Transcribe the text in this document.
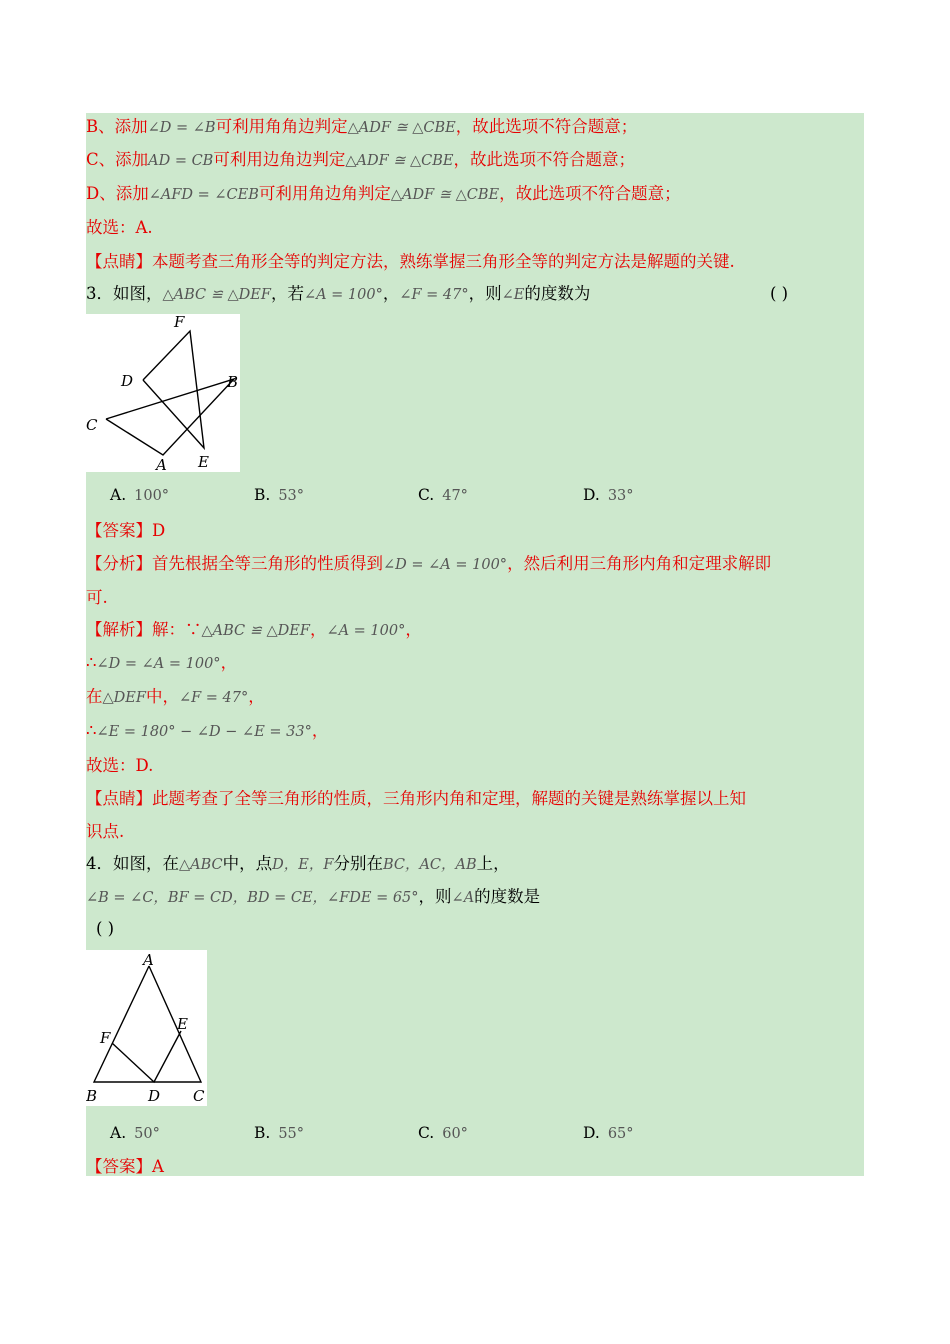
B、添加∠D = ∠B可利用角角边判定△ADF ≅ △CBE，故此选项不符合题意；
C、添加AD = CB可利用边角边判定△ADF ≅ △CBE，故此选项不符合题意；
D、添加∠AFD = ∠CEB可利用角边角判定△ADF ≅ △CBE，故此选项不符合题意；
故选：A.
【点睛】本题考查三角形全等的判定方法，熟练掌握三角形全等的判定方法是解题的关键.
3．如图，△ABC ≌ △DEF，若∠A = 100°，∠F = 47°，则∠E的度数为	( )
F
D	B
C
A E
A. 100°	B. 53°	C. 47°	D. 33°
【答案】D
【分析】首先根据全等三角形的性质得到∠D = ∠A = 100°，然后利用三角形内角和定理求解即
可.
【解析】解：∵△ABC ≌ △DEF，∠A = 100°，
∴∠D = ∠A = 100°，
在△DEF中，∠F = 47°，
∴∠E = 180° − ∠D − ∠E = 33°，
故选：D.
【点睛】此题考查了全等三角形的性质，三角形内角和定理，解题的关键是熟练掌握以上知
识点.
4．如图，在△ABC中，点D，E，F分别在BC，AC，AB上，
∠B = ∠C，BF = CD，BD = CE，∠FDE = 65°，则∠A的度数是
( )
A
E
F
B	D C
A. 50°	B. 55°	C. 60°	D. 65°
【答案】A
